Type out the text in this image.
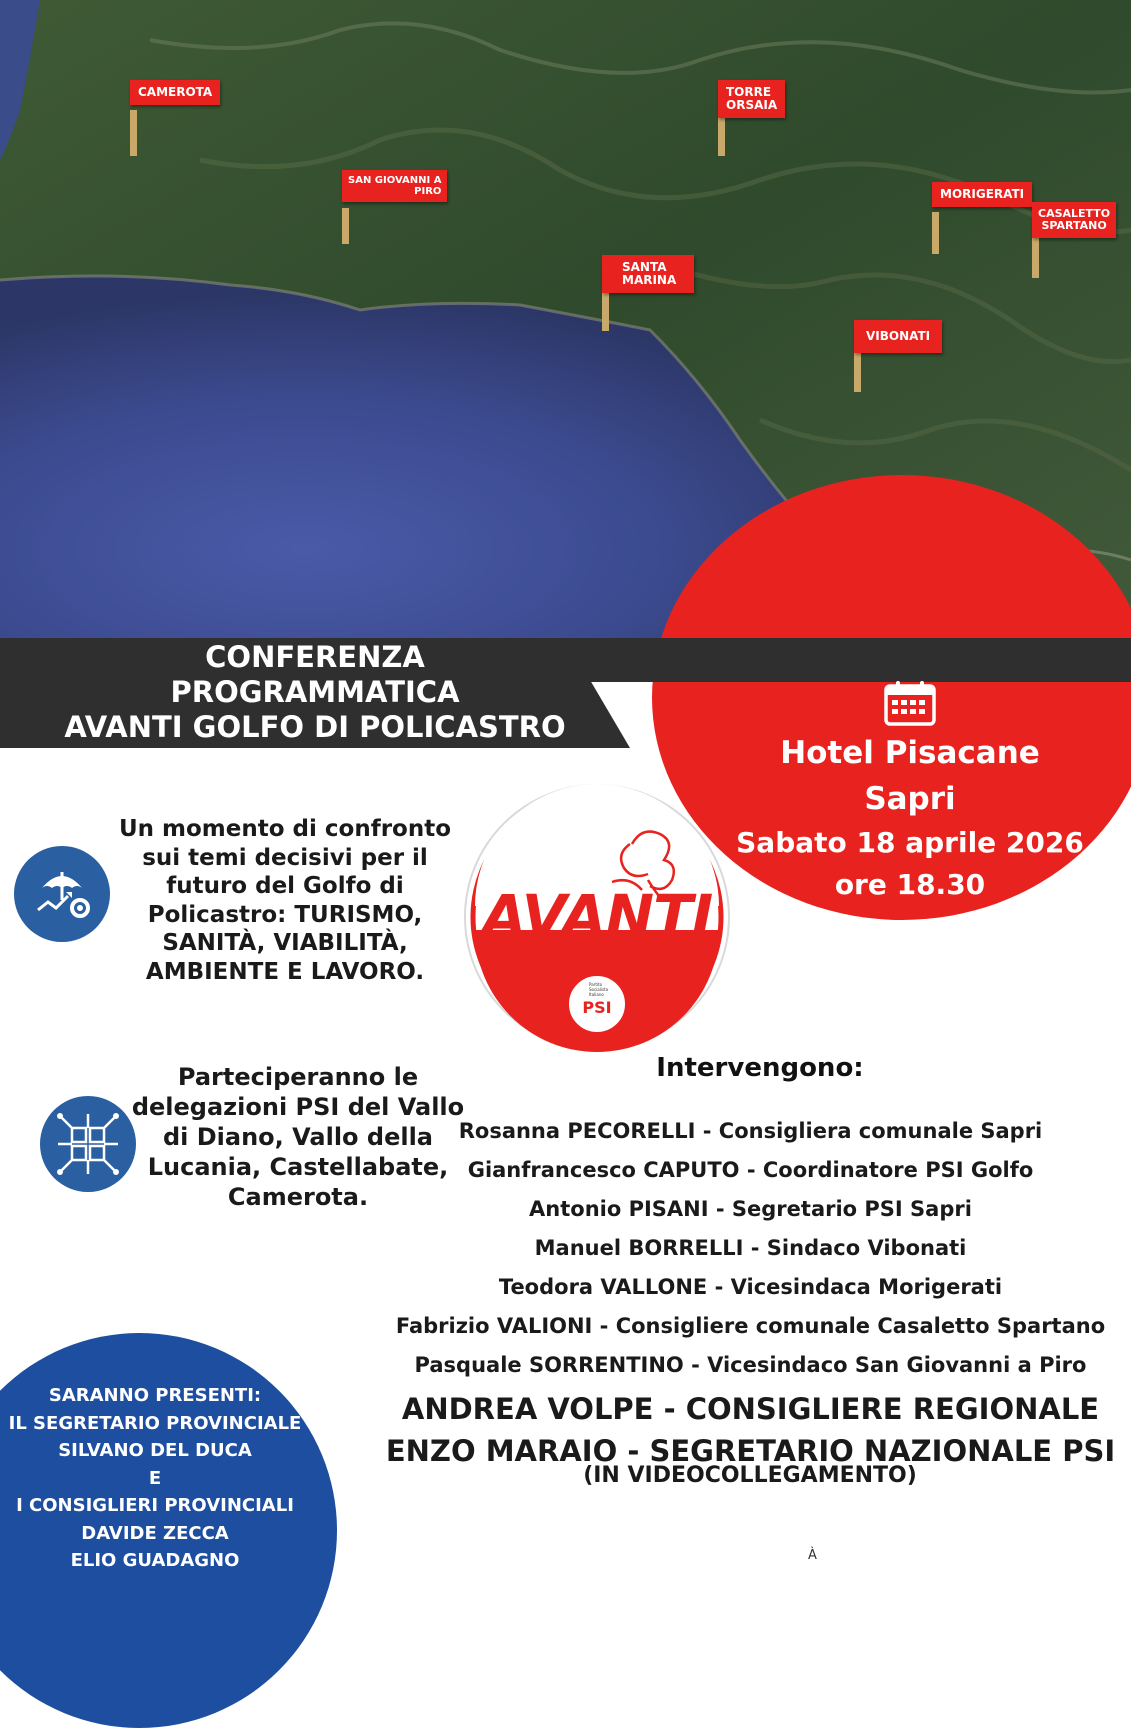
CAMEROTA	TORRE
ORSAIA
SAN GIOVANNI A
PIRO	MORIGERATI
CASALETTO
SPARTANO
SANTA
MARINA
VIBONATI
CONFERENZA
PROGRAMMATICA
AVANTI GOLFO DI POLICASTRO
Hotel Pisacane
Sapri
Sabato 18 aprile 2026
ore 18.30
Un momento di confronto sui temi decisivi per il futuro del Golfo di Policastro: TURISMO, SANITÀ, VIABILITÀ, AMBIENTE E LAVORO.
AVANTI
PSI
Partito Socialista Italiano
Parteciperanno le delegazioni PSI del Vallo di Diano, Vallo della Lucania, Castellabate, Camerota.
Intervengono:
Rosanna PECORELLI - Consigliera comunale Sapri
Gianfrancesco CAPUTO - Coordinatore PSI Golfo
Antonio PISANI - Segretario PSI Sapri
Manuel BORRELLI - Sindaco Vibonati
Teodora VALLONE - Vicesindaca Morigerati
Fabrizio VALIONI - Consigliere comunale Casaletto Spartano
Pasquale SORRENTINO - Vicesindaco San Giovanni a Piro
ANDREA VOLPE - CONSIGLIERE REGIONALE
ENZO MARAIO - SEGRETARIO NAZIONALE PSI
(IN VIDEOCOLLEGAMENTO)
SARANNO PRESENTI:
IL SEGRETARIO PROVINCIALE
SILVANO DEL DUCA
E
I CONSIGLIERI PROVINCIALI
DAVIDE ZECCA
ELIO GUADAGNO	À
